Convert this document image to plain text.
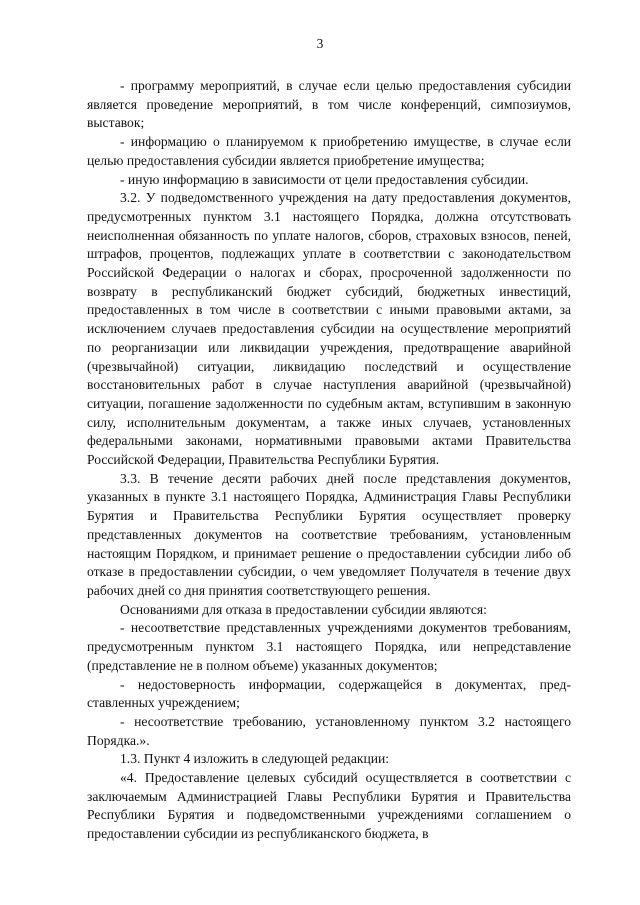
3

- программу мероприятий, в случае если целью предоставления субсидии является проведение мероприятий, в том числе конференций, симпозиумов, выставок;

- информацию о планируемом к приобретению имуществе, в случае если целью предоставления субсидии является приобретение имущества;

- иную информацию в зависимости от цели предоставления субсидии.

3.2. У подведомственного учреждения на дату предоставления документов, предусмотренных пунктом 3.1 настоящего Порядка, должна отсутствовать неисполненная обязанность по уплате налогов, сборов, страховых взносов, пеней, штрафов, процентов, подлежащих уплате в соответствии с законодательством Российской Федерации о налогах и сборах, просроченной задолженности по возврату в республиканский бюджет субсидий, бюджетных инвестиций, предоставленных в том числе в соответствии с иными правовыми актами, за исключением случаев предоставления субсидии на осуществление мероприятий по реорганизации или ликвидации учреждения, предотвращение аварийной (чрезвычайной) ситуации, ликвидацию последствий и осуществление восстановительных работ в случае наступления аварийной (чрезвычайной) ситуации, погашение задолженности по судебным актам, вступившим в законную силу, исполнительным документам, а также иных случаев, установленных федеральными законами, нормативными правовыми актами Правительства Российской Федерации, Правительства Республики Бурятия.

3.3. В течение десяти рабочих дней после представления документов, указанных в пункте 3.1 настоящего Порядка, Администрация Главы Республики Бурятия и Правительства Республики Бурятия осуществляет проверку представленных документов на соответствие требованиям, установленным настоящим Порядком, и принимает решение о предоставлении субсидии либо об отказе в предоставлении субсидии, о чем уведомляет Получателя в течение двух рабочих дней со дня принятия соответствующего решения.

Основаниями для отказа в предоставлении субсидии являются:

- несоответствие представленных учреждениями документов требованиям, предусмотренным пунктом 3.1 настоящего Порядка, или непредставление (представление не в полном объеме) указанных документов;

- недостоверность информации, содержащейся в документах, представленных учреждением;

- несоответствие требованию, установленному пунктом 3.2 настоящего Порядка.».

1.3. Пункт 4 изложить в следующей редакции:

«4. Предоставление целевых субсидий осуществляется в соответствии с заключаемым Администрацией Главы Республики Бурятия и Правительства Республики Бурятия и подведомственными учреждениями соглашением о предоставлении субсидии из республиканского бюджета, в
